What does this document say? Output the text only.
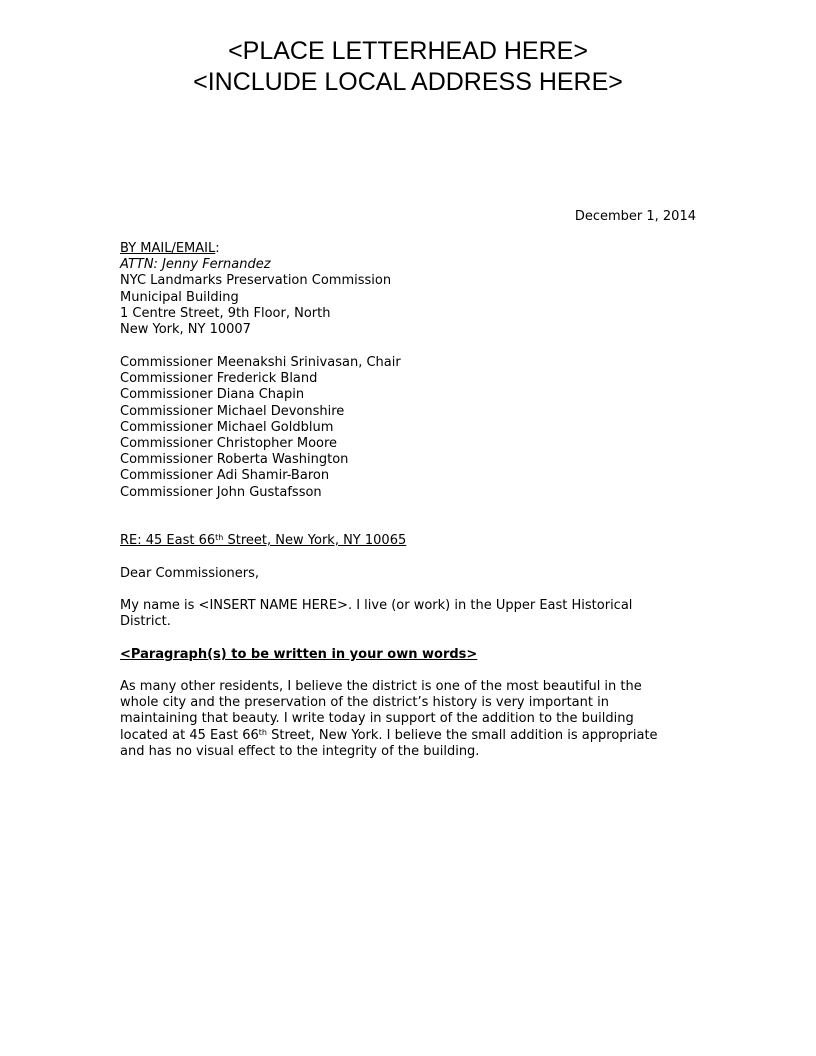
<PLACE LETTERHEAD HERE>
<INCLUDE LOCAL ADDRESS HERE>
December 1, 2014
BY MAIL/EMAIL:
ATTN: Jenny Fernandez
NYC Landmarks Preservation Commission
Municipal Building
1 Centre Street, 9th Floor, North
New York, NY 10007
Commissioner Meenakshi Srinivasan, Chair
Commissioner Frederick Bland
Commissioner Diana Chapin
Commissioner Michael Devonshire
Commissioner Michael Goldblum
Commissioner Christopher Moore
Commissioner Roberta Washington
Commissioner Adi Shamir-Baron
Commissioner John Gustafsson
RE: 45 East 66th Street, New York, NY 10065
Dear Commissioners,
My name is <INSERT NAME HERE>. I live (or work) in the Upper East Historical
District.
<Paragraph(s) to be written in your own words>
As many other residents, I believe the district is one of the most beautiful in the
whole city and the preservation of the district’s history is very important in
maintaining that beauty. I write today in support of the addition to the building
located at 45 East 66th Street, New York. I believe the small addition is appropriate
and has no visual effect to the integrity of the building.
